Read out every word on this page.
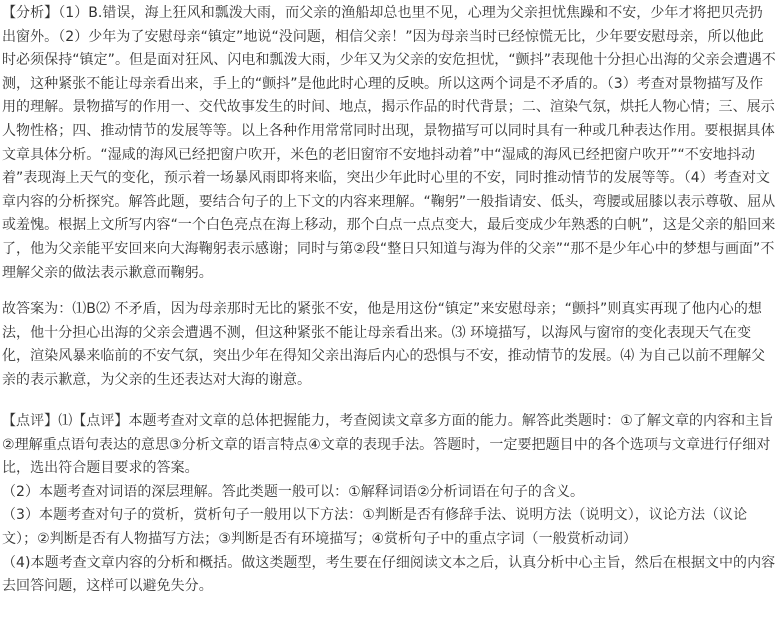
【分析】（1）B.错误，海上狂风和瓢泼大雨，而父亲的渔船却总也里不见，心理为父亲担忧焦躁和不安，少年才将把贝壳扔出窗外。（2）少年为了安慰母亲“镇定”地说“没问题，相信父亲！”因为母亲当时已经惊慌无比，少年要安慰母亲，所以他此时必须保持“镇定”。但是面对狂风、闪电和瓢泼大雨，少年又为父亲的安危担忧，“颤抖”表现他十分担心出海的父亲会遭遇不测，这种紧张不能让母亲看出来，手上的“颤抖”是他此时心理的反映。所以这两个词是不矛盾的。（3）考查对景物描写及作用的理解。景物描写的作用一、交代故事发生的时间、地点，揭示作品的时代背景；二、渲染气氛，烘托人物心情；三、展示人物性格；四、推动情节的发展等等。以上各种作用常常同时出现，景物描写可以同时具有一种或几种表达作用。要根据具体文章具体分析。“湿咸的海风已经把窗户吹开，米色的老旧窗帘不安地抖动着”中“湿咸的海风已经把窗户吹开”“不安地抖动着”表现海上天气的变化，预示着一场暴风雨即将来临，突出少年此时心里的不安，同时推动情节的发展等等。（4）考查对文章内容的分析探究。解答此题，要结合句子的上下文的内容来理解。“鞠躬”一般指请安、低头，弯腰或屈膝以表示尊敬、屈从或羞愧。根据上文所写内容“一个白色亮点在海上移动，那个白点一点点变大，最后变成少年熟悉的白帆”，这是父亲的船回来了，他为父亲能平安回来向大海鞠躬表示感谢；同时与第②段“整日只知道与海为伴的父亲”“那不是少年心中的梦想与画面”不理解父亲的做法表示歉意而鞠躬。
故答案为：⑴B⑵ 不矛盾，因为母亲那时无比的紧张不安，他是用这份“镇定”来安慰母亲；“颤抖”则真实再现了他内心的想法，他十分担心出海的父亲会遭遇不测，但这种紧张不能让母亲看出来。⑶ 环境描写，以海风与窗帘的变化表现天气在变化，渲染风暴来临前的不安气氛，突出少年在得知父亲出海后内心的恐惧与不安，推动情节的发展。⑷ 为自己以前不理解父亲的表示歉意，为父亲的生还表达对大海的谢意。
【点评】⑴【点评】本题考查对文章的总体把握能力，考查阅读文章多方面的能力。解答此类题时：①了解文章的内容和主旨②理解重点语句表达的意思③分析文章的语言特点④文章的表现手法。答题时，一定要把题目中的各个选项与文章进行仔细对比，选出符合题目要求的答案。
（2）本题考查对词语的深层理解。答此类题一般可以：①解释词语②分析词语在句子的含义。
（3）本题考查对句子的赏析，赏析句子一般用以下方法：①判断是否有修辞手法、说明方法（说明文），议论方法（议论文）；②判断是否有人物描写方法；③判断是否有环境描写；④赏析句子中的重点字词（一般赏析动词）
（4)本题考查文章内容的分析和概括。做这类题型，考生要在仔细阅读文本之后，认真分析中心主旨，然后在根据文中的内容去回答问题，这样可以避免失分。
